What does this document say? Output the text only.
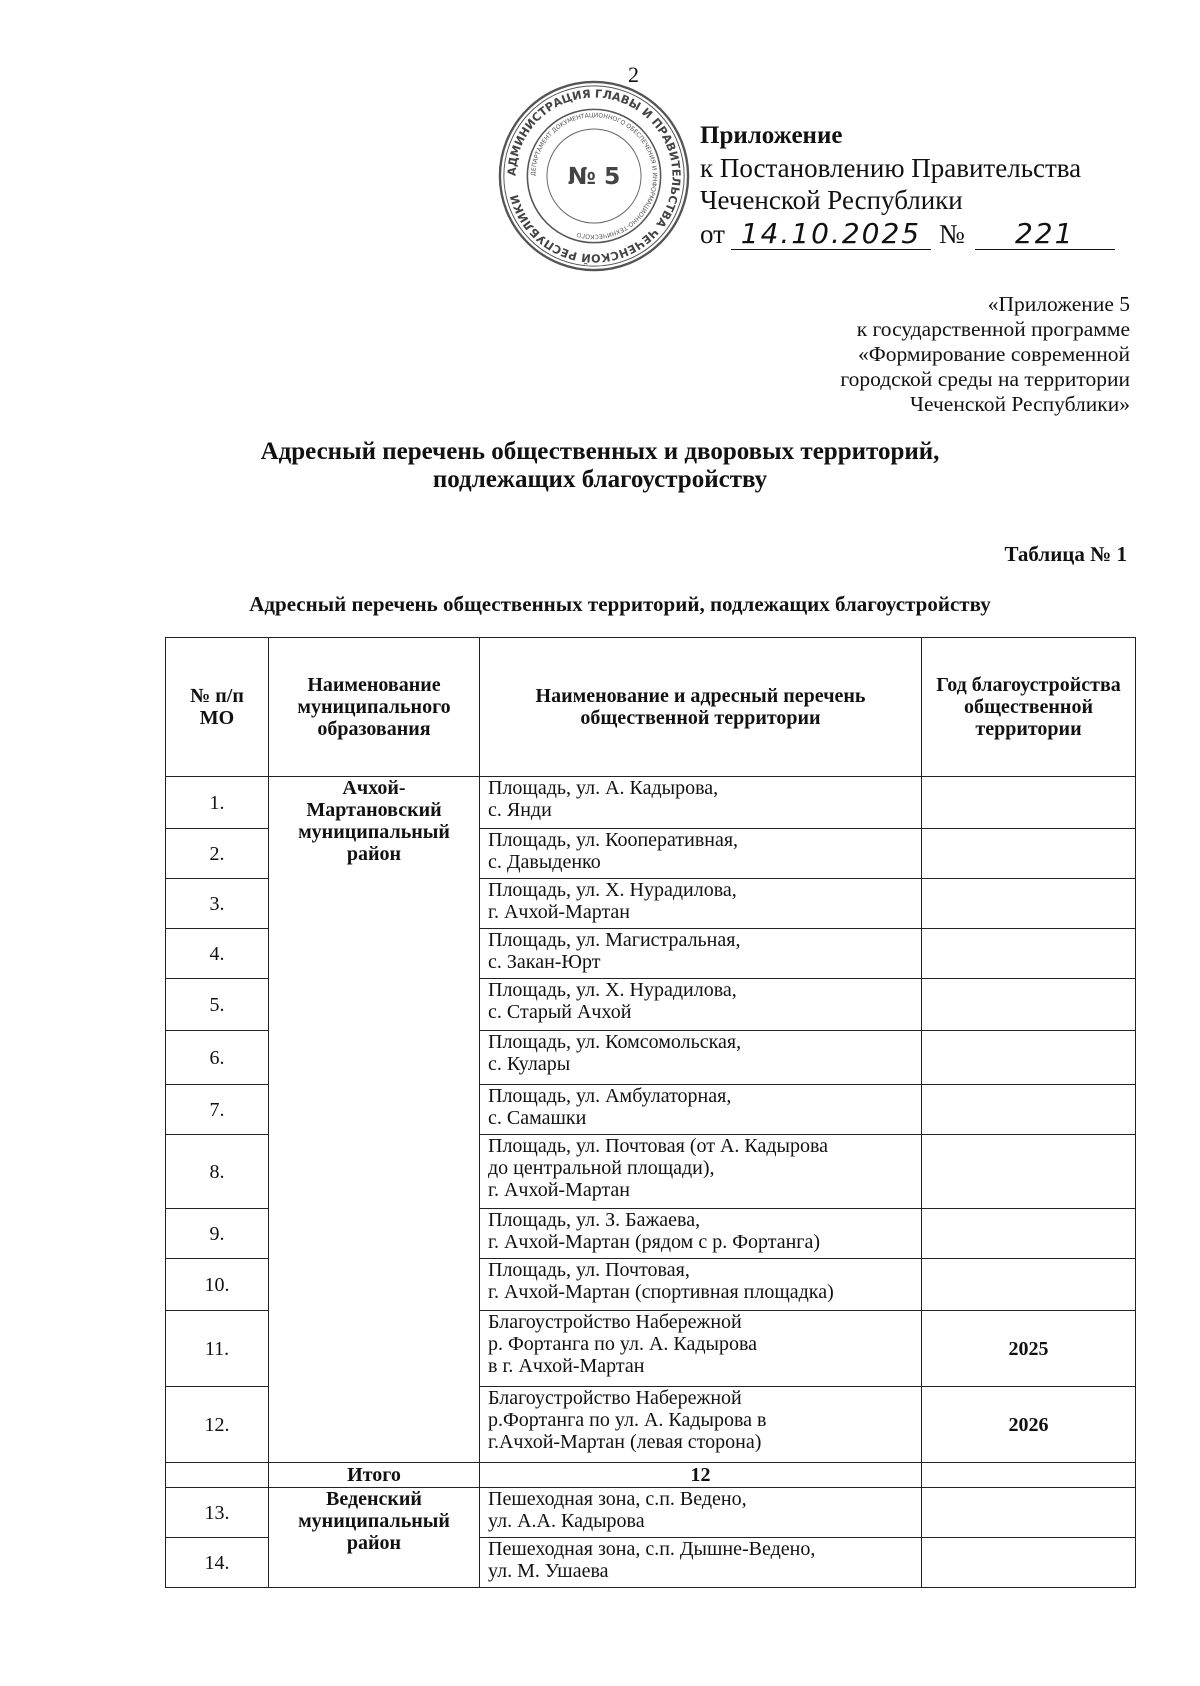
2
АДМИНИСТРАЦИЯ ГЛАВЫ И ПРАВИТЕЛЬСТВА ЧЕЧЕНСКОЙ РЕСПУБЛИКИ
ДЕПАРТАМЕНТ ДОКУМЕНТАЦИОННОГО ОБЕСПЕЧЕНИЯ И ИНФОРМАЦИОННО-ТЕХНИЧЕСКОГО
№ 5
Приложение
к Постановлению Правительства
Чеченской Республики
от 14.10.2025 №	221
«Приложение 5
к государственной программе
«Формирование современной
городской среды на территории
Чеченской Республики»
Адресный перечень общественных и дворовых территорий,
подлежащих благоустройству
Таблица № 1
Адресный перечень общественных территорий, подлежащих благоустройству
№ п/п МО	Наименование муниципального образования	Наименование и адресный перечень общественной территории	Год благоустройства общественной территории
1.	Ачхой-Мартановский муниципальный район	Площадь, ул. А. Кадырова,
с. Янди	
2.		Площадь, ул. Кооперативная,
с. Давыденко	
3.		Площадь, ул. Х. Нурадилова,
г. Ачхой-Мартан	
4.		Площадь, ул. Магистральная,
с. Закан-Юрт	
5.		Площадь, ул. Х. Нурадилова,
с. Старый Ачхой	
6.		Площадь, ул. Комсомольская,
с. Кулары	
7.		Площадь, ул. Амбулаторная,
с. Самашки	
8.		Площадь, ул. Почтовая (от А. Кадырова
до центральной площади),
г. Ачхой-Мартан	
9.		Площадь, ул. З. Бажаева,
г. Ачхой-Мартан (рядом с р. Фортанга)	
10.		Площадь, ул. Почтовая,
г. Ачхой-Мартан (спортивная площадка)	
11.		Благоустройство Набережной
р. Фортанга по ул. А. Кадырова
в г. Ачхой-Мартан	2025
12.		Благоустройство Набережной
р.Фортанга по ул. А. Кадырова в
г.Ачхой-Мартан (левая сторона)	2026
	Итого	12	
13.	Веденский муниципальный район	Пешеходная зона, с.п. Ведено,
ул. А.А. Кадырова	
14.		Пешеходная зона, с.п. Дышне-Ведено,
ул. М. Ушаева	
